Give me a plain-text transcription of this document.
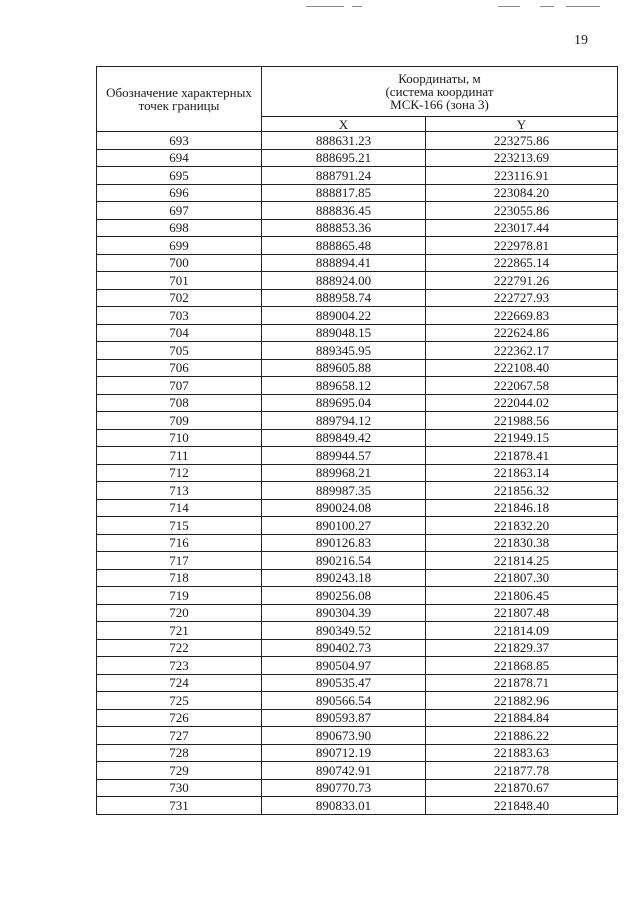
19
Обозначение характерных точек границы	Координаты, м
(система координат
МСК-166 (зона 3)	

	X	Y
693	888631.23	223275.86
694	888695.21	223213.69
695	888791.24	223116.91
696	888817.85	223084.20
697	888836.45	223055.86
698	888853.36	223017.44
699	888865.48	222978.81
700	888894.41	222865.14
701	888924.00	222791.26
702	888958.74	222727.93
703	889004.22	222669.83
704	889048.15	222624.86
705	889345.95	222362.17
706	889605.88	222108.40
707	889658.12	222067.58
708	889695.04	222044.02
709	889794.12	221988.56
710	889849.42	221949.15
711	889944.57	221878.41
712	889968.21	221863.14
713	889987.35	221856.32
714	890024.08	221846.18
715	890100.27	221832.20
716	890126.83	221830.38
717	890216.54	221814.25
718	890243.18	221807.30
719	890256.08	221806.45
720	890304.39	221807.48
721	890349.52	221814.09
722	890402.73	221829.37
723	890504.97	221868.85
724	890535.47	221878.71
725	890566.54	221882.96
726	890593.87	221884.84
727	890673.90	221886.22
728	890712.19	221883.63
729	890742.91	221877.78
730	890770.73	221870.67
731	890833.01	221848.40
